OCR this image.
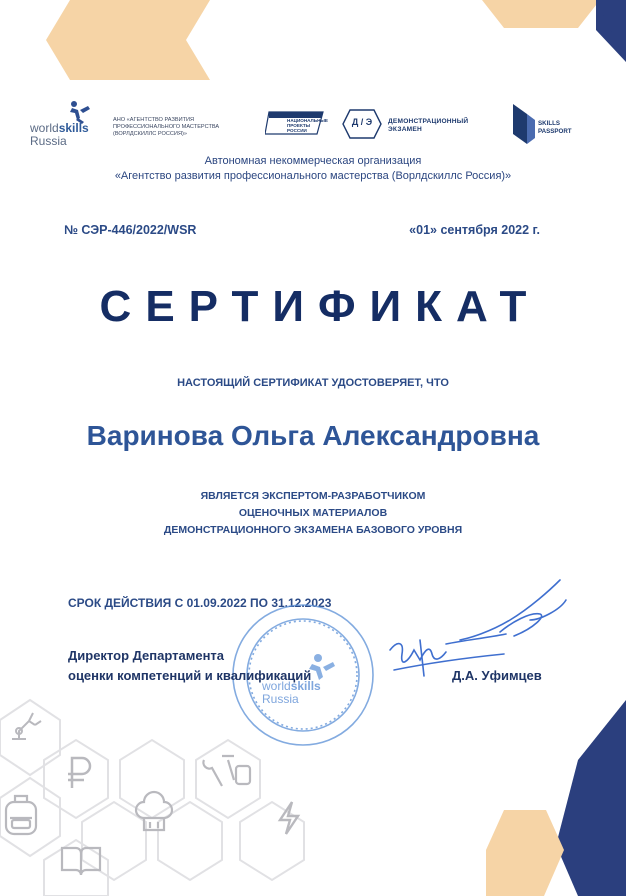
worldskills
Russia
АНО «АГЕНТСТВО РАЗВИТИЯ
ПРОФЕССИОНАЛЬНОГО МАСТЕРСТВА
(ВОРЛДСКИЛЛС РОССИЯ)»
НАЦИОНАЛЬНЫЕ
ПРОЕКТЫ
РОССИИ
Д / Э	ДЕМОНСТРАЦИОННЫЙ
ЭКЗАМЕН
SKILLS
PASSPORT
Автономная некоммерческая организация
«Агентство развития профессионального мастерства (Ворлдскиллс Россия)»
№ СЭР-446/2022/WSR	«01» сентября 2022 г.
СЕРТИФИКАТ
НАСТОЯЩИЙ СЕРТИФИКАТ УДОСТОВЕРЯЕТ, ЧТО
Варинова Ольга Александровна
ЯВЛЯЕТСЯ ЭКСПЕРТОМ-РАЗРАБОТЧИКОМ
ОЦЕНОЧНЫХ МАТЕРИАЛОВ
ДЕМОНСТРАЦИОННОГО ЭКЗАМЕНА БАЗОВОГО УРОВНЯ
СРОК ДЕЙСТВИЯ С 01.09.2022 ПО 31.12.2023
worldskills
Russia
Директор Департамента
оценки компетенций и квалификаций	Д.А. Уфимцев
